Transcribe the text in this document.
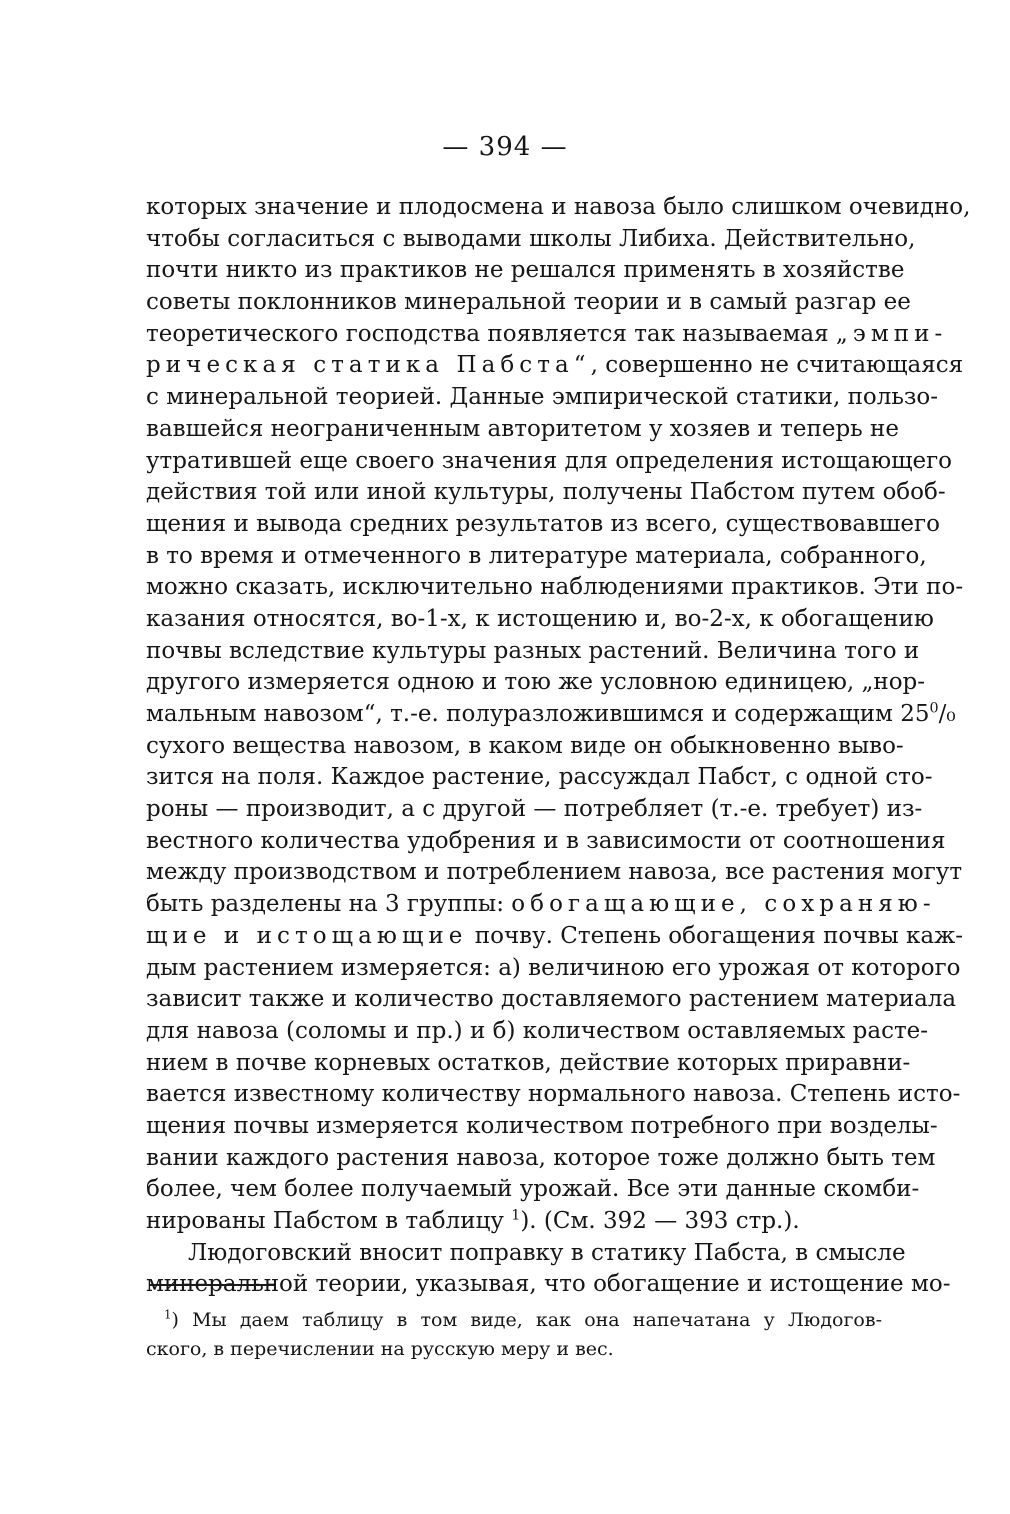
— 394 —
которых значение и плодосмена и навоза было слишком очевидно,
чтобы согласиться с выводами школы Либиха. Действительно,
почти никто из практиков не решался применять в хозяйстве
советы поклонников минеральной теории и в самый разгар ее
теоретического господства появляется так называемая „эмпи-
рическая статика Пабста“, совершенно не считающаяся
с минеральной теорией. Данные эмпирической статики, пользо-
вавшейся неограниченным авторитетом у хозяев и теперь не
утратившей еще своего значения для определения истощающего
действия той или иной культуры, получены Пабстом путем обоб-
щения и вывода средних результатов из всего, существовавшего
в то время и отмеченного в литературе материала, собранного,
можно сказать, исключительно наблюдениями практиков. Эти по-
казания относятся, во-1-х, к истощению и, во-2-х, к обогащению
почвы вследствие культуры разных растений. Величина того и
другого измеряется одною и тою же условною единицею, „нор-
мальным навозом“, т.-е. полуразложившимся и содержащим $25^0/_0$
сухого вещества навозом, в каком виде он обыкновенно выво-
зится на поля. Каждое растение, рассуждал Пабст, с одной сто-
роны — производит, а с другой — потребляет (т.-е. требует) из-
вестного количества удобрения и в зависимости от соотношения
между производством и потреблением навоза, все растения могут
быть разделены на 3 группы: обогащающие, сохраняю-
щие и истощающие почву. Степень обогащения почвы каж-
дым растением измеряется: а) величиною его урожая от которого
зависит также и количество доставляемого растением материала
для навоза (соломы и пр.) и б) количеством оставляемых расте-
нием в почве корневых остатков, действие которых приравни-
вается известному количеству нормального навоза. Степень исто-
щения почвы измеряется количеством потребного при возделы-
вании каждого растения навоза, которое тоже должно быть тем
более, чем более получаемый урожай. Все эти данные скомби-
нированы Пабстом в таблицу $^1$). (См. 392 — 393 стр.).
Людоговский вносит поправку в статику Пабста, в смысле
минеральной теории, указывая, что обогащение и истощение мо-
$^1$) Мы даем таблицу в том виде, как она напечатана у Людогов-
ского, в перечислении на русскую меру и вес.
